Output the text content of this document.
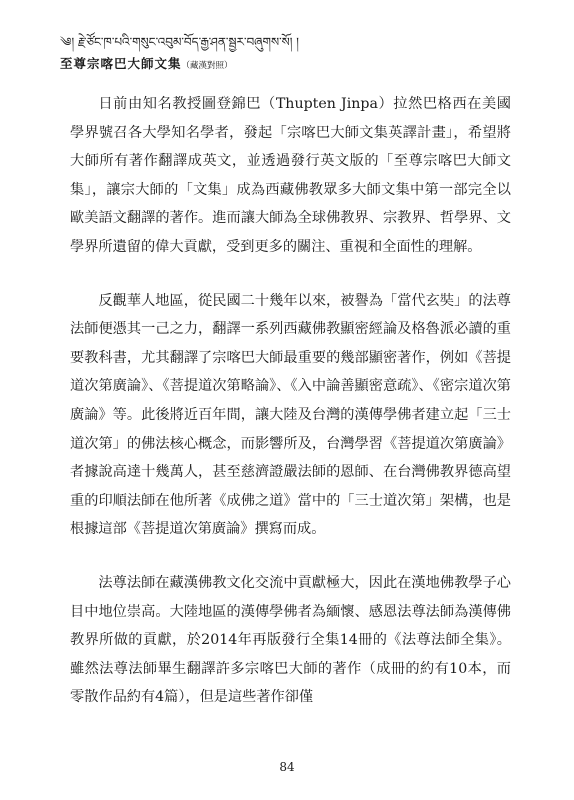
༄། རྗེ་ཙོང་ཁ་པའི་གསུང་འབུམ་བོད་རྒྱ་ཤན་སྦྱར་བཞུགས་སོ། །
至尊宗喀巴大師文集（藏漢對照）

日前由知名教授圖登錦巴（Thupten Jinpa）拉然巴格西在美國學界號召各大學知名學者，發起「宗喀巴大師文集英譯計畫」，希望將大師所有著作翻譯成英文，並透過發行英文版的「至尊宗喀巴大師文集」，讓宗大師的「文集」成為西藏佛教眾多大師文集中第一部完全以歐美語文翻譯的著作。進而讓大師為全球佛教界、宗教界、哲學界、文學界所遺留的偉大貢獻，受到更多的關注、重視和全面性的理解。

反觀華人地區，從民國二十幾年以來，被譽為「當代玄奘」的法尊法師便憑其一己之力，翻譯一系列西藏佛教顯密經論及格魯派必讀的重要教科書，尤其翻譯了宗喀巴大師最重要的幾部顯密著作，例如《菩提道次第廣論》、《菩提道次第略論》、《入中論善顯密意疏》、《密宗道次第廣論》等。此後將近百年間，讓大陸及台灣的漢傳學佛者建立起「三士道次第」的佛法核心概念，而影響所及，台灣學習《菩提道次第廣論》者據說高達十幾萬人，甚至慈濟證嚴法師的恩師、在台灣佛教界德高望重的印順法師在他所著《成佛之道》當中的「三士道次第」架構，也是根據這部《菩提道次第廣論》撰寫而成。

法尊法師在藏漢佛教文化交流中貢獻極大，因此在漢地佛教學子心目中地位崇高。大陸地區的漢傳學佛者為緬懷、感恩法尊法師為漢傳佛教界所做的貢獻，於2014年再版發行全集14冊的《法尊法師全集》。雖然法尊法師畢生翻譯許多宗喀巴大師的著作（成冊的約有10本，而零散作品約有4篇），但是這些著作卻僅

84
